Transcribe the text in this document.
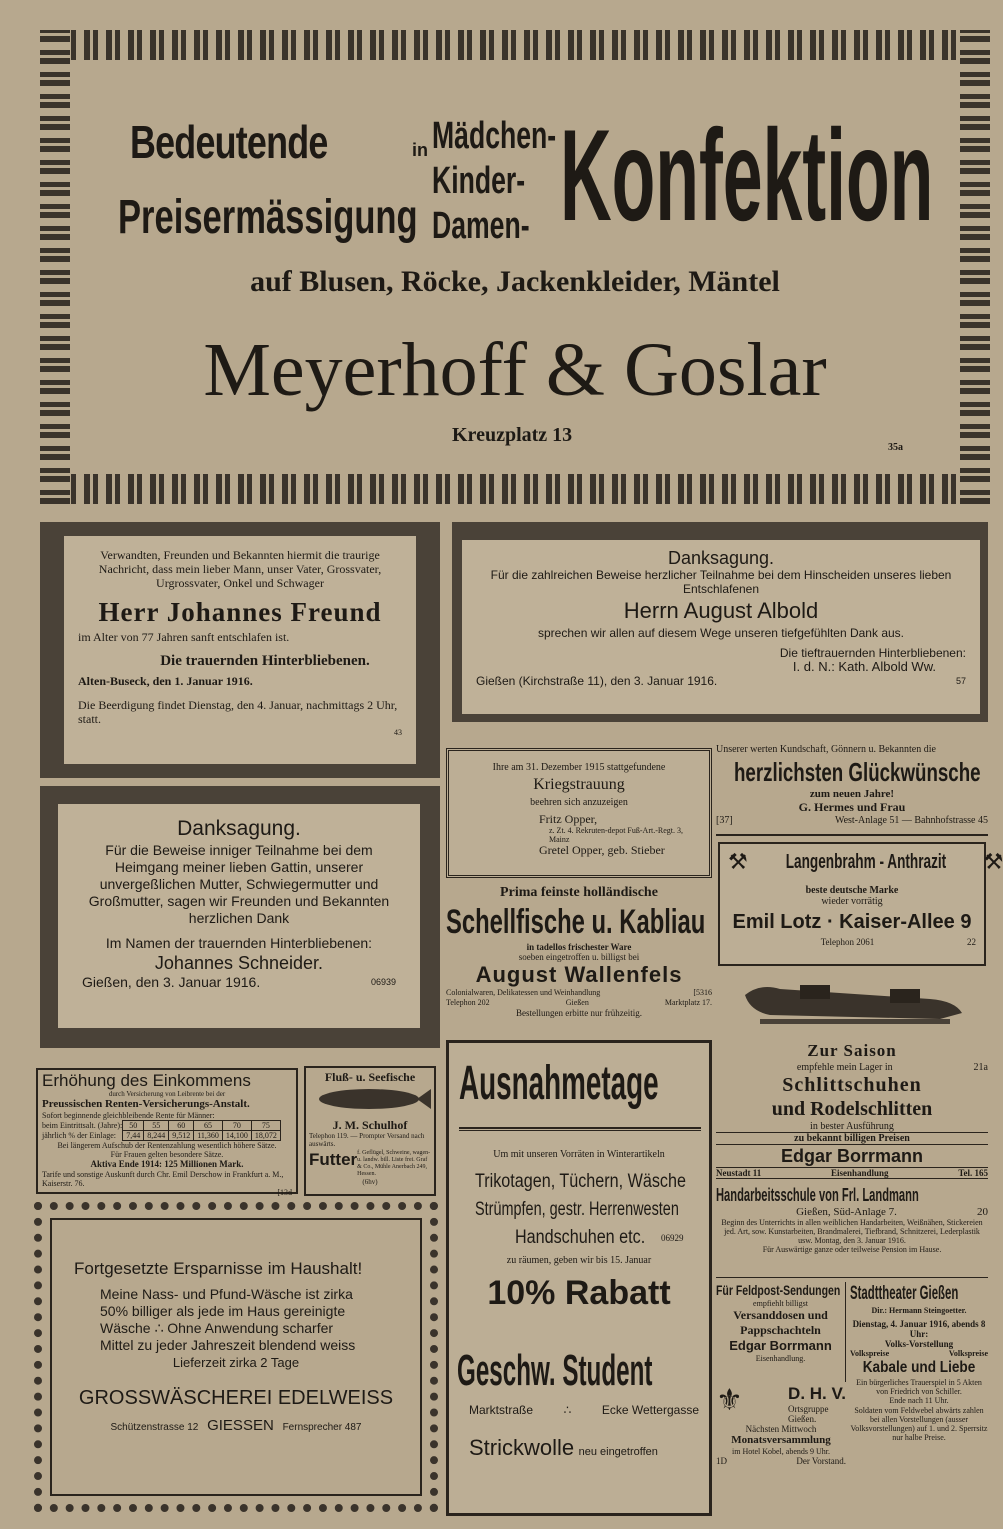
Bedeutende
Preisermässigung
in Mädchen-
Kinder-
Damen- Konfektion
auf Blusen, Röcke, Jackenkleider, Mäntel
Meyerhoff & Goslar
Kreuzplatz 13
35a
Verwandten, Freunden und Bekannten hiermit die traurige Nachricht, dass mein lieber Mann, unser Vater, Grossvater, Urgrossvater, Onkel und Schwager
Herr Johannes Freund
im Alter von 77 Jahren sanft entschlafen ist.
Die trauernden Hinterbliebenen.
Alten-Buseck, den 1. Januar 1916.
Die Beerdigung findet Dienstag, den 4. Januar, nachmittags 2 Uhr, statt.
43
Danksagung.
Für die zahlreichen Beweise herzlicher Teilnahme bei dem Hinscheiden unseres lieben Entschlafenen
Herrn August Albold
sprechen wir allen auf diesem Wege unseren tiefgefühlten Dank aus.
Die tieftrauernden Hinterbliebenen:
I. d. N.: Kath. Albold Ww.
Gießen (Kirchstraße 11), den 3. Januar 1916.	57
Danksagung.
Für die Beweise inniger Teilnahme bei dem Heimgang meiner lieben Gattin, unserer unvergeßlichen Mutter, Schwiegermutter und Großmutter, sagen wir Freunden und Bekannten herzlichen Dank
Im Namen der trauernden Hinterbliebenen:
Johannes Schneider.
Gießen, den 3. Januar 1916.	06939
Ihre am 31. Dezember 1915 stattgefundene
Kriegstrauung
beehren sich anzuzeigen
Fritz Opper,
z. Zt. 4. Rekruten-depot Fuß-Art.-Regt. 3, Mainz
Gretel Opper, geb. Stieber
Prima feinste holländische
Schellfische u. Kabliau
in tadellos frischester Ware
soeben eingetroffen u. billigst bei
August Wallenfels
Colonialwaren, Delikatessen und Weinhandlung	[5316
Telephon 202	Gießen	Marktplatz 17.
Bestellungen erbitte nur frühzeitig.
Unserer werten Kundschaft, Gönnern u. Bekannten die
herzlichsten Glückwünsche
zum neuen Jahre!
G. Hermes und Frau
[37]	West-Anlage 51 — Bahnhofstrasse 45
⚒ Langenbrahm - Anthrazit ⚒
beste deutsche Marke
wieder vorrätig
Emil Lotz · Kaiser-Allee 9
Telephon 2061	22
Erhöhung des Einkommens
durch Versicherung von Leibrente bei der
Preussischen Renten-Versicherungs-Anstalt.
Sofort beginnende gleichbleibende Rente für Männer:
beim Eintrittsalt. (Jahre):	50	55	60	65	70	75
jährlich % der Einlage:	7,44	8,244	9,512	11,360	14,100	18,072
Bei längerem Aufschub der Rentenzahlung wesentlich höhere Sätze.
Für Frauen gelten besondere Sätze.
Aktiva Ende 1914: 125 Millionen Mark.
Tarife und sonstige Auskunft durch Chr. Emil Derschow in Frankfurt a. M., Kaiserstr. 76.
[13d
Fluß- u. Seefische
J. M. Schulhof
Telephon 119. — Prompter Versand nach auswärts.
Futter f. Geflügel, Schweine, wagen- u. landw. bill. Liste frei. Graf & Co., Mühle Anerbach 249, Hessen.
(6hv)
Fortgesetzte Ersparnisse im Haushalt!
Meine Nass- und Pfund-Wäsche ist zirka
50% billiger als jede im Haus gereinigte
Wäsche ∴ Ohne Anwendung scharfer
Mittel zu jeder Jahreszeit blendend weiss
Lieferzeit zirka 2 Tage
GROSSWÄSCHEREI EDELWEISS
Schützenstrasse 12 GIESSEN Fernsprecher 487
Ausnahmetage
Um mit unseren Vorräten in Winterartikeln
Trikotagen, Tüchern, Wäsche
Strümpfen, gestr. Herrenwesten
Handschuhen etc. 06929
zu räumen, geben wir bis 15. Januar
10% Rabatt
Geschw. Student
Marktstraße	∴	Ecke Wettergasse
Strickwolle neu eingetroffen
Zur Saison
empfehle mein Lager in	21a
Schlittschuhen
und Rodelschlitten
in bester Ausführung
zu bekannt billigen Preisen
Edgar Borrmann
Neustadt 11	Eisenhandlung	Tel. 165
Handarbeitsschule von Frl. Landmann
Gießen, Süd-Anlage 7.	20
Beginn des Unterrichts in allen weiblichen Handarbeiten, Weißnähen, Stickereien jed. Art, sow. Kunstarbeiten, Brandmalerei, Tiefbrand, Schnitzerei, Lederplastik usw. Montag, den 3. Januar 1916.
Für Auswärtige ganze oder teilweise Pension im Hause.
Für Feldpost-Sendungen
empfiehlt billigst
Versanddosen und Pappschachteln
Edgar Borrmann
Eisenhandlung.
Stadttheater Gießen
Dir.: Hermann Steingoetter.
Dienstag, 4. Januar 1916, abends 8 Uhr:
Volks-Vorstellung
Volkspreise	Volkspreise
Kabale und Liebe
Ein bürgerliches Trauerspiel in 5 Akten von Friedrich von Schiller.
Ende nach 11 Uhr.
Soldaten vom Feldwebel abwärts zahlen bei allen Vorstellungen (ausser Volksvorstellungen) auf 1. und 2. Sperrsitz nur halbe Preise.
⚜	D. H. V.
Ortsgruppe
Gießen.
Nächsten Mittwoch
Monatsversammlung
im Hotel Kobel, abends 9 Uhr.
1D	Der Vorstand.
